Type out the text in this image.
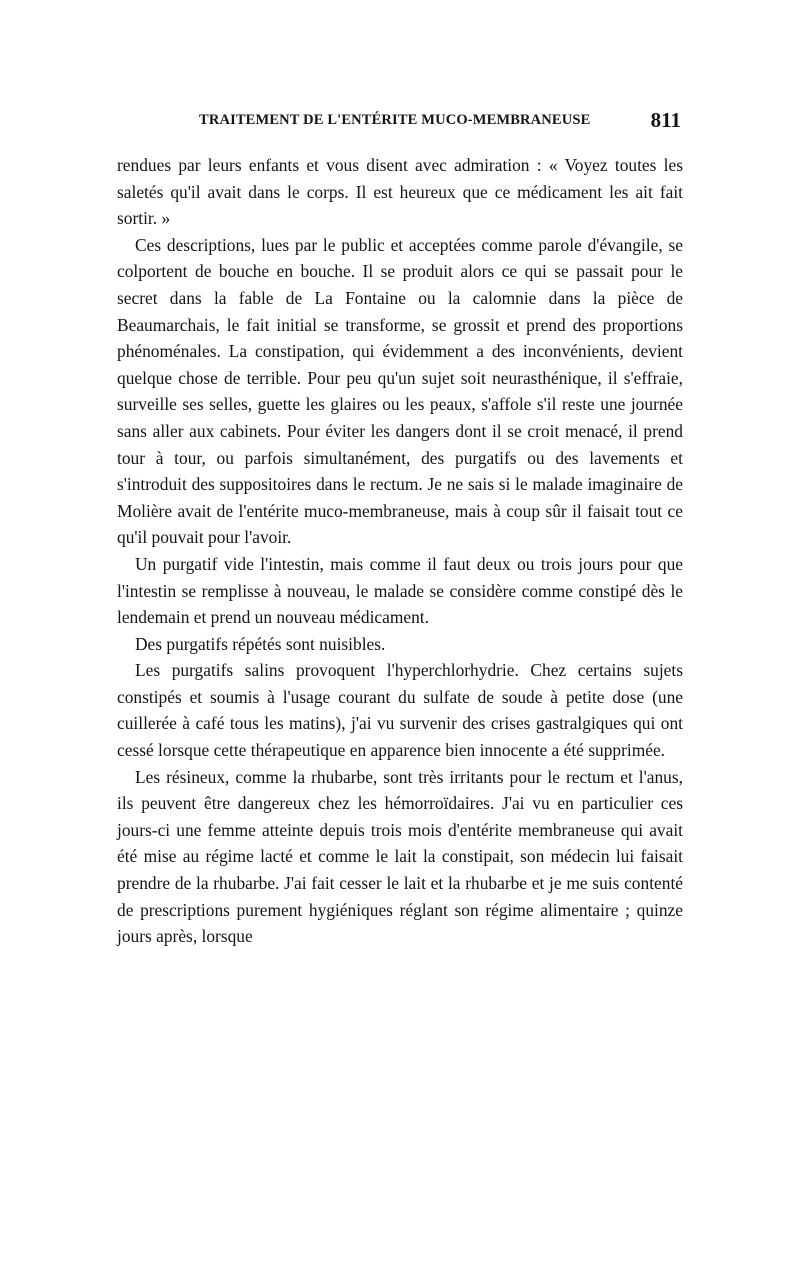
TRAITEMENT DE L'ENTÉRITE MUCO-MEMBRANEUSE	811

rendues par leurs enfants et vous disent avec admiration : « Voyez toutes les saletés qu'il avait dans le corps. Il est heureux que ce médicament les ait fait sortir. »

Ces descriptions, lues par le public et acceptées comme parole d'évangile, se colportent de bouche en bouche. Il se produit alors ce qui se passait pour le secret dans la fable de La Fontaine ou la calomnie dans la pièce de Beaumarchais, le fait initial se transforme, se grossit et prend des proportions phénoménales. La constipation, qui évidemment a des inconvénients, devient quelque chose de terrible. Pour peu qu'un sujet soit neurasthénique, il s'effraie, surveille ses selles, guette les glaires ou les peaux, s'affole s'il reste une journée sans aller aux cabinets. Pour éviter les dangers dont il se croit menacé, il prend tour à tour, ou parfois simultanément, des purgatifs ou des lavements et s'introduit des suppositoires dans le rectum. Je ne sais si le malade imaginaire de Molière avait de l'entérite muco-membraneuse, mais à coup sûr il faisait tout ce qu'il pouvait pour l'avoir.

Un purgatif vide l'intestin, mais comme il faut deux ou trois jours pour que l'intestin se remplisse à nouveau, le malade se considère comme constipé dès le lendemain et prend un nouveau médicament.

Des purgatifs répétés sont nuisibles.

Les purgatifs salins provoquent l'hyperchlorhydrie. Chez certains sujets constipés et soumis à l'usage courant du sulfate de soude à petite dose (une cuillerée à café tous les matins), j'ai vu survenir des crises gastralgiques qui ont cessé lorsque cette thérapeutique en apparence bien innocente a été supprimée.

Les résineux, comme la rhubarbe, sont très irritants pour le rectum et l'anus, ils peuvent être dangereux chez les hémorroïdaires. J'ai vu en particulier ces jours-ci une femme atteinte depuis trois mois d'entérite membraneuse qui avait été mise au régime lacté et comme le lait la constipait, son médecin lui faisait prendre de la rhubarbe. J'ai fait cesser le lait et la rhubarbe et je me suis contenté de prescriptions purement hygiéniques réglant son régime alimentaire ; quinze jours après, lorsque
